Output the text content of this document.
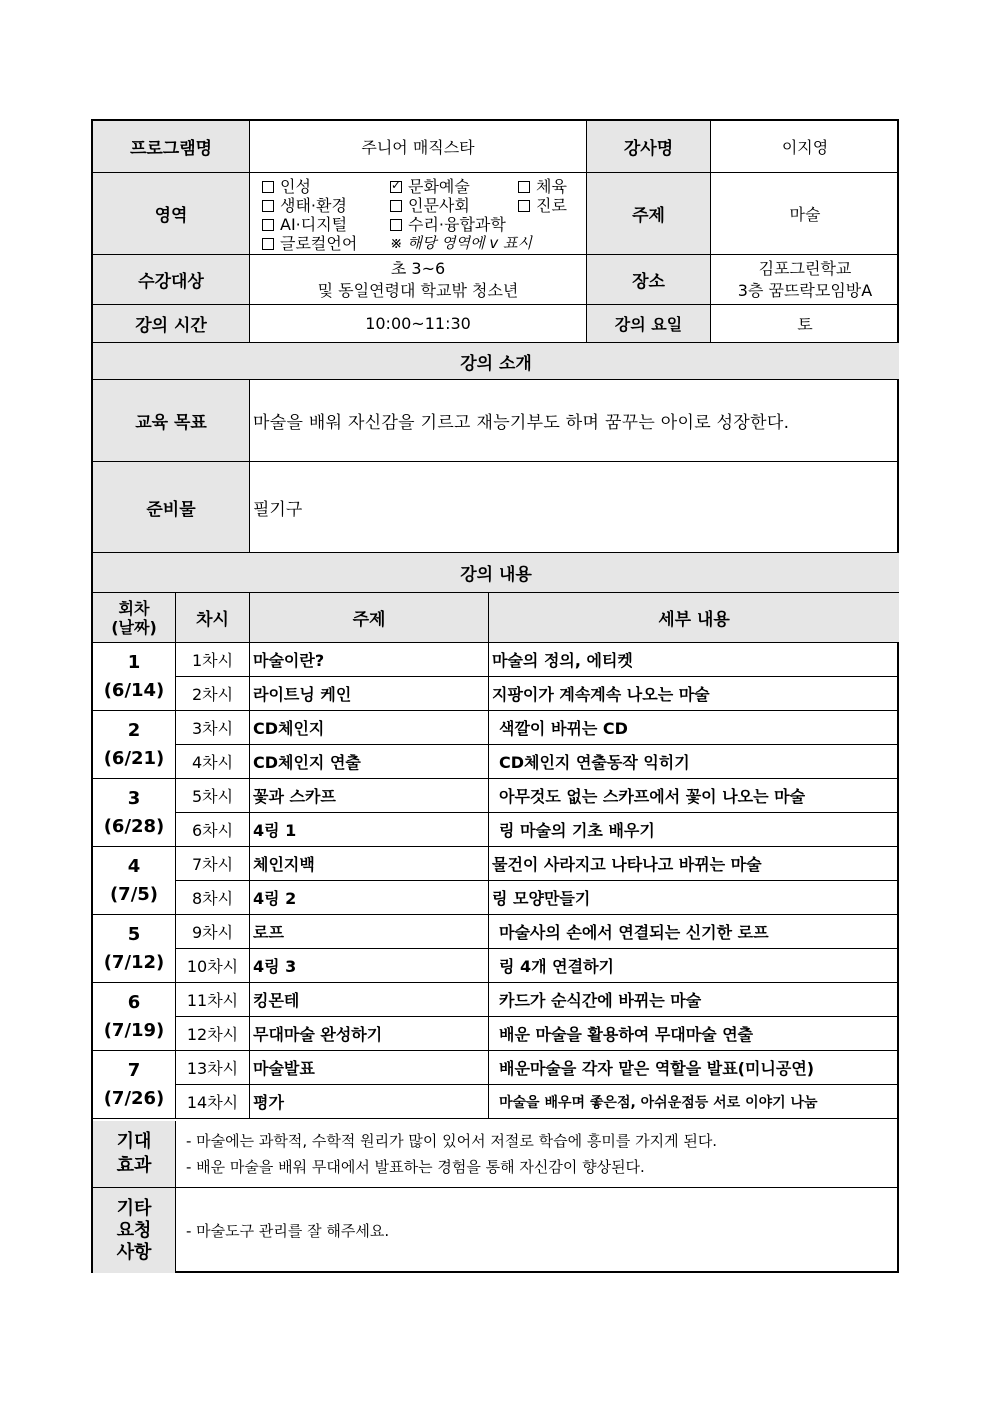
프로그램명	주니어 매직스타	강사명	이지영
영역
인성
✓	문화예술	체육
생태·환경	인문사회	진로
AI·디지털	수리·융합과학
글로컬언어 ※ 해당 영역에 v 표시
주제	마술
수강대상
초 3~6
및 동일연령대 학교밖 청소년	장소
김포그린학교
3층 꿈뜨락모임방A
강의 시간	10:00~11:30	강의 요일	토
강의 소개
교육 목표	마술을 배워 자신감을 기르고 재능기부도 하며 꿈꾸는 아이로 성장한다.
준비물	필기구
강의 내용
회차
(날짜)	차시	주제	세부 내용
1
(6/14)
1차시	마술이란?	마술의 정의, 에티켓
2차시	라이트닝 케인	지팡이가 계속계속 나오는 마술
2
(6/21)
3차시	CD체인지	색깔이 바뀌는 CD
4차시	CD체인지 연출	CD체인지 연출동작 익히기
3
(6/28)
5차시	꽃과 스카프	아무것도 없는 스카프에서 꽃이 나오는 마술
6차시	4링 1	링 마술의 기초 배우기
4
(7/5)
7차시	체인지백	물건이 사라지고 나타나고 바뀌는 마술
8차시	4링 2	링 모양만들기
5
(7/12)
9차시	로프	마술사의 손에서 연결되는 신기한 로프
10차시 4링 3	링 4개 연결하기
6
(7/19)
11차시 킹몬테	카드가 순식간에 바뀌는 마술
12차시 무대마술 완성하기	배운 마술을 활용하여 무대마술 연출
7
(7/26)
13차시 마술발표	배운마술을 각자 맡은 역할을 발표(미니공연)
14차시 평가	마술을 배우며 좋은점, 아쉬운점등 서로 이야기 나눔
기대
효과
- 마술에는 과학적, 수학적 원리가 많이 있어서 저절로 학습에 흥미를 가지게 된다.
- 배운 마술을 배워 무대에서 발표하는 경험을 통해 자신감이 향상된다.
기타
요청
사항
- 마술도구 관리를 잘 해주세요.
